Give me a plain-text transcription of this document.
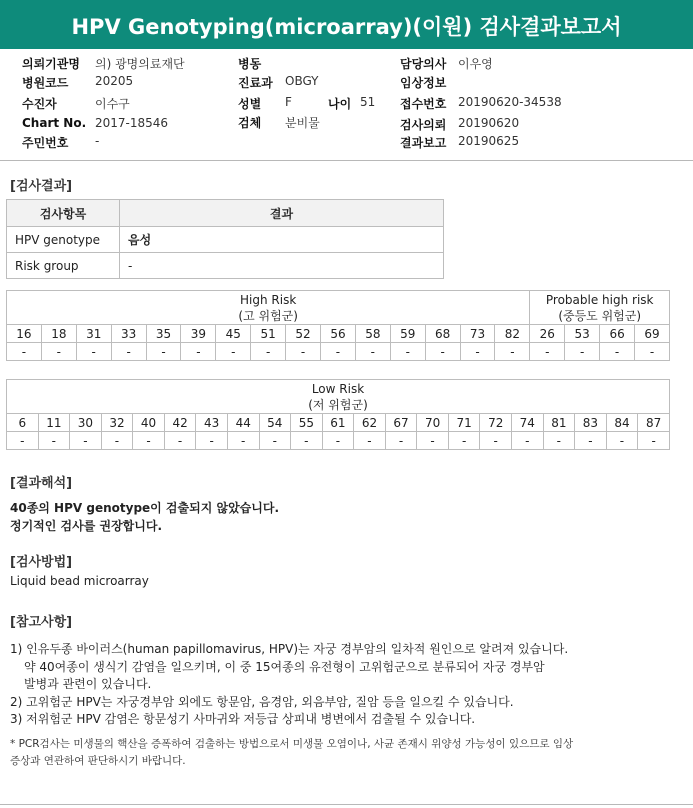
HPV Genotyping(microarray)(이원) 검사결과보고서
의뢰기관명 의) 광명의료재단
병원코드 20205
수진자	이수구
Chart No. 2017-18546
주민번호 -
병동
진료과 OBGY
성별 F	나이 51
검체 분비물
담당의사 이우영
임상정보
접수번호 20190620-34538
검사의뢰 20190620
결과보고 20190625
[검사결과]
검사항목	결과
HPV genotype	음성
Risk group	-
High Risk
(고 위험군)															Probable high risk
(중등도 위험군)			
16	18	31	33	35	39	45	51	52	56	58	59	68	73	82	26	53	66	69
-	-	-	-	-	-	-	-	-	-	-	-	-	-	-	-	-	-	-
Low Risk
(저 위험군)																				
6	11	30	32	40	42	43	44	54	55	61	62	67	70	71	72	74	81	83	84	87
-	-	-	-	-	-	-	-	-	-	-	-	-	-	-	-	-	-	-	-	-
[결과해석]
40종의 HPV genotype이 검출되지 않았습니다.
정기적인 검사를 권장합니다.
[검사방법]
Liquid bead microarray
[참고사항]
1) 인유두종 바이러스(human papillomavirus, HPV)는 자궁 경부암의 일차적 원인으로 알려져 있습니다.
약 40여종이 생식기 감염을 일으키며, 이 중 15여종의 유전형이 고위험군으로 분류되어 자궁 경부암
발병과 관련이 있습니다.
2) 고위험군 HPV는 자궁경부암 외에도 항문암, 음경암, 외음부암, 질암 등을 일으킬 수 있습니다.
3) 저위험군 HPV 감염은 항문성기 사마귀와 저등급 상피내 병변에서 검출될 수 있습니다.
* PCR검사는 미생물의 핵산을 증폭하여 검출하는 방법으로서 미생물 오염이나, 사균 존재시 위양성 가능성이 있으므로 임상
증상과 연관하여 판단하시기 바랍니다.
